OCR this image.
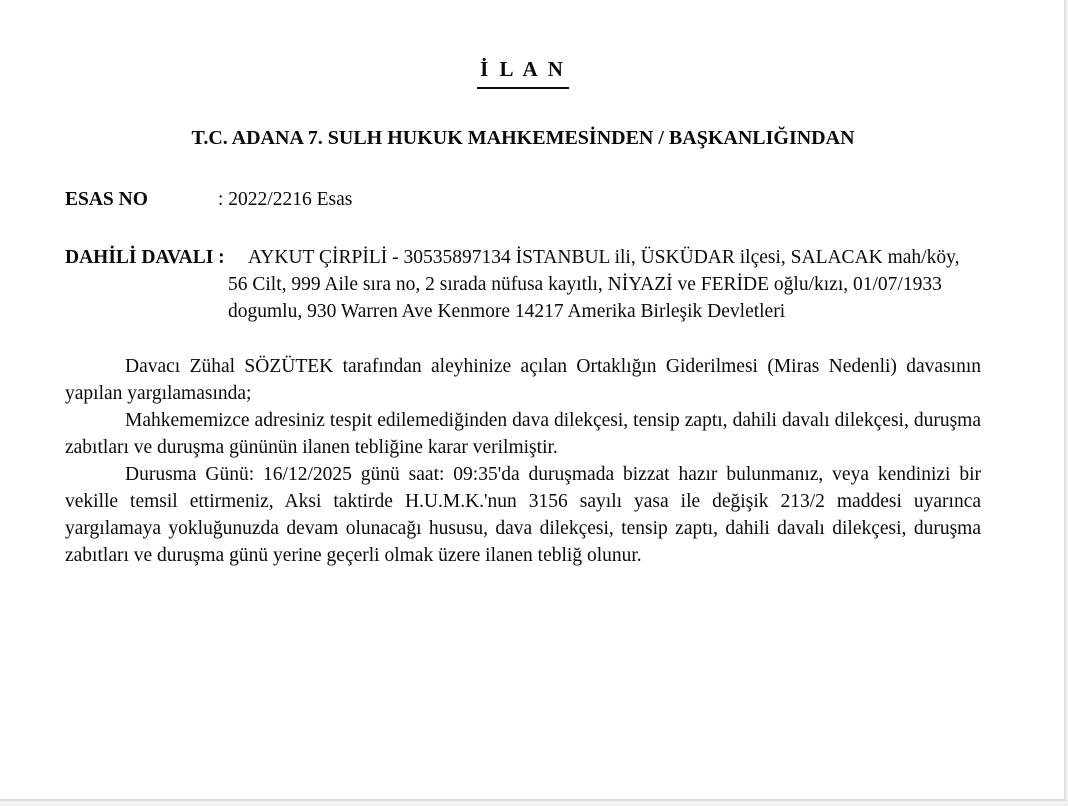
İ L A N
T.C. ADANA 7. SULH HUKUK MAHKEMESİNDEN / BAŞKANLIĞINDAN
ESAS NO	: 2022/2216 Esas
DAHİLİ DAVALI :	AYKUT ÇİRPİLİ - 30535897134 İSTANBUL ili, ÜSKÜDAR ilçesi, SALACAK mah/köy, 56 Cilt, 999 Aile sıra no, 2 sırada nüfusa kayıtlı, NİYAZİ ve FERİDE oğlu/kızı, 01/07/1933 dogumlu, 930 Warren Ave Kenmore 14217 Amerika Birleşik Devletleri

Davacı Zühal SÖZÜTEK tarafından aleyhinize açılan Ortaklığın Giderilmesi (Miras Nedenli) davasının yapılan yargılamasında;

Mahkememizce adresiniz tespit edilemediğinden dava dilekçesi, tensip zaptı, dahili davalı dilekçesi, duruşma zabıtları ve duruşma gününün ilanen tebliğine karar verilmiştir.

Durusma Günü: 16/12/2025 günü saat: 09:35'da duruşmada bizzat hazır bulunmanız, veya kendinizi bir vekille temsil ettirmeniz, Aksi taktirde H.U.M.K.'nun 3156 sayılı yasa ile değişik 213/2 maddesi uyarınca yargılamaya yokluğunuzda devam olunacağı hususu, dava dilekçesi, tensip zaptı, dahili davalı dilekçesi, duruşma zabıtları ve duruşma günü yerine geçerli olmak üzere ilanen tebliğ olunur.
